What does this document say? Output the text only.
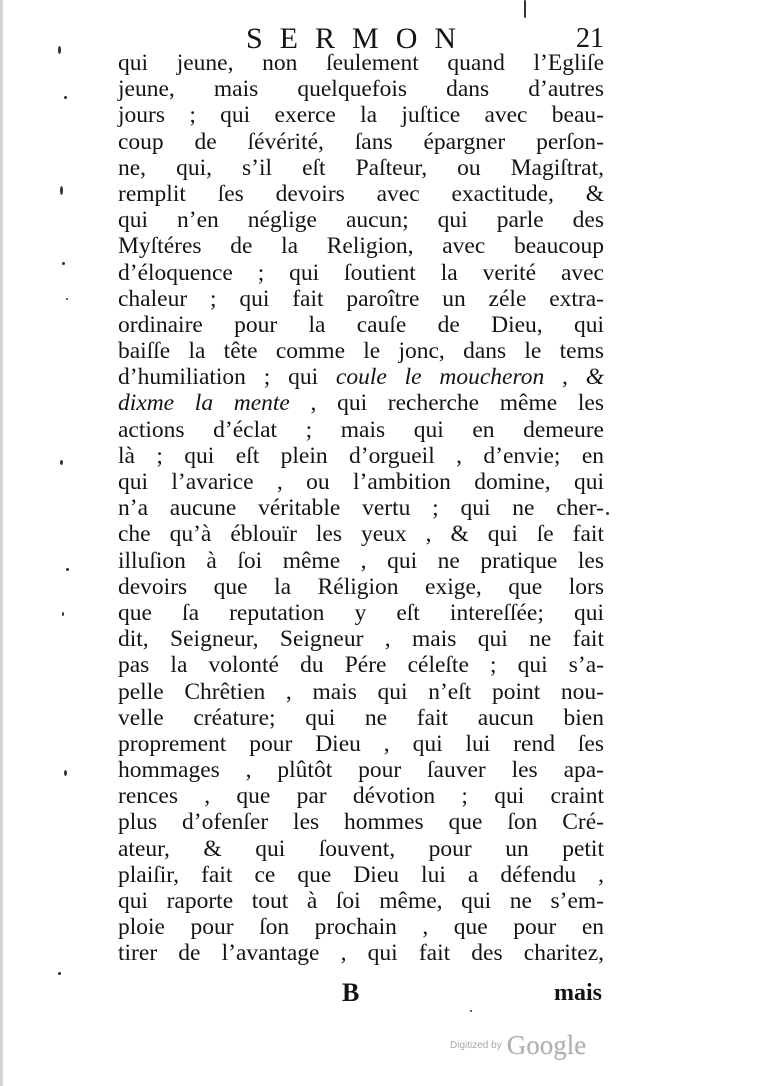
SERMON	21
qui jeune, non ſeulement quand l’Egliſe
jeune, mais quelquefois dans d’autres
jours ; qui exerce la juſtice avec beau-
coup de ſévérité, ſans épargner perſon-
ne, qui, s’il eſt Paſteur, ou Magiſtrat,
remplit ſes devoirs avec exactitude, &
qui n’en néglige aucun; qui parle des
Myſtéres de la Religion, avec beaucoup
d’éloquence ; qui ſoutient la verité avec
chaleur ; qui fait paroître un zéle extra-
ordinaire pour la cauſe de Dieu, qui
baiſſe la tête comme le jonc, dans le tems
d’humiliation ; qui coule le moucheron , &
dixme la mente , qui recherche même les
actions d’éclat ; mais qui en demeure
là ; qui eſt plein d’orgueil , d’envie; en
qui l’avarice , ou l’ambition domine, qui
n’a aucune véritable vertu ; qui ne cher-
che qu’à éblouïr les yeux , & qui ſe fait
illuſion à ſoi même , qui ne pratique les
devoirs que la Réligion exige, que lors
que ſa reputation y eſt intereſſée; qui
dit, Seigneur, Seigneur , mais qui ne fait
pas la volonté du Pére céleſte ; qui s’a-
pelle Chrêtien , mais qui n’eſt point nou-
velle créature; qui ne fait aucun bien
proprement pour Dieu , qui lui rend ſes
hommages , plûtôt pour ſauver les apa-
rences , que par dévotion ; qui craint
plus d’ofenſer les hommes que ſon Cré-
ateur, & qui ſouvent, pour un petit
plaiſir, fait ce que Dieu lui a défendu ,
qui raporte tout à ſoi même, qui ne s’em-
ploie pour ſon prochain , que pour en
tirer de l’avantage , qui fait des charitez,
B	mais
Digitized by Google
